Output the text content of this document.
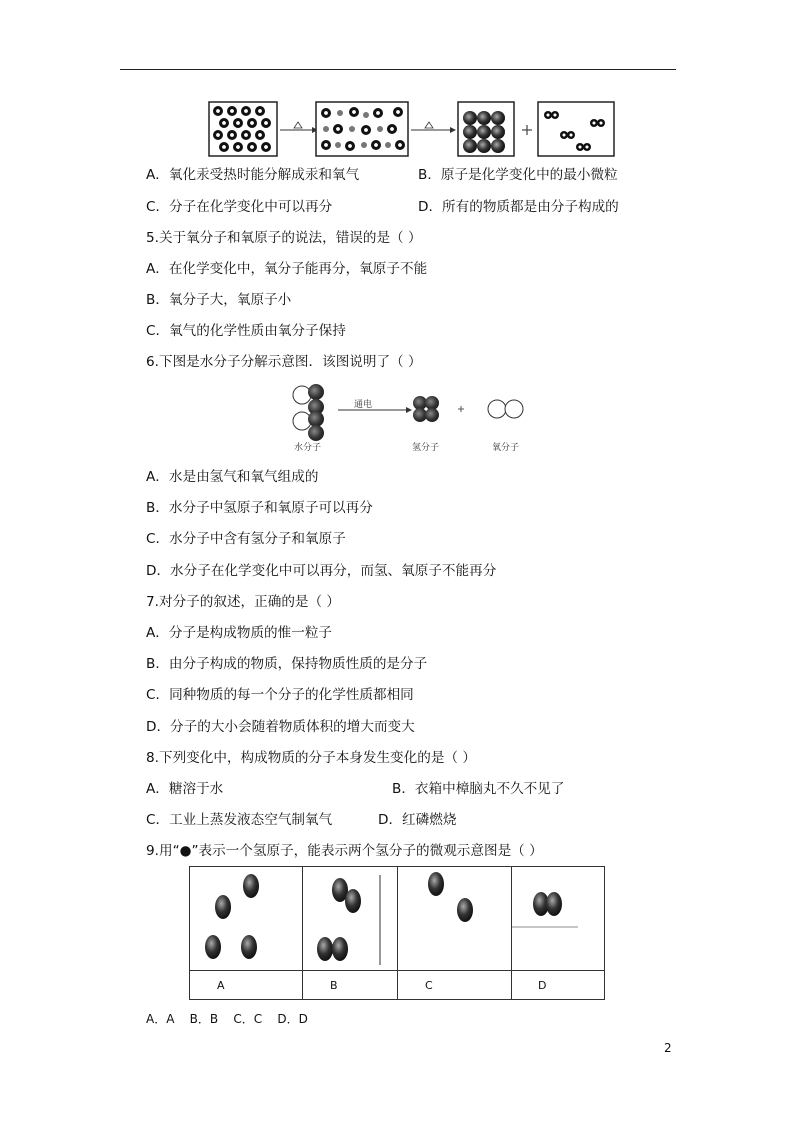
A．氧化汞受热时能分解成汞和氧气	B．原子是化学变化中的最小微粒
C．分子在化学变化中可以再分	D．所有的物质都是由分子构成的
5.关于氧分子和氧原子的说法，错误的是（ ）
A．在化学变化中，氧分子能再分，氧原子不能
B．氧分子大，氧原子小
C．氧气的化学性质由氧分子保持
6.下图是水分子分解示意图．该图说明了（ ）
通电
水分子	氢分子	氧分子
A．水是由氢气和氧气组成的
B．水分子中氢原子和氧原子可以再分
C．水分子中含有氢分子和氧原子
D．水分子在化学变化中可以再分，而氢、氧原子不能再分
7.对分子的叙述，正确的是（ ）
A．分子是构成物质的惟一粒子
B．由分子构成的物质，保持物质性质的是分子
C．同种物质的每一个分子的化学性质都相同
D．分子的大小会随着物质体积的增大而变大
8.下列变化中，构成物质的分子本身发生变化的是（ ）
A．糖溶于水	B．衣箱中樟脑丸不久不见了
C．工业上蒸发液态空气制氧气	D．红磷燃烧
9.用“●”表示一个氢原子，能表示两个氢分子的微观示意图是（ ）
A	B	C	D
A．A    B．B    C．C    D．D
2
